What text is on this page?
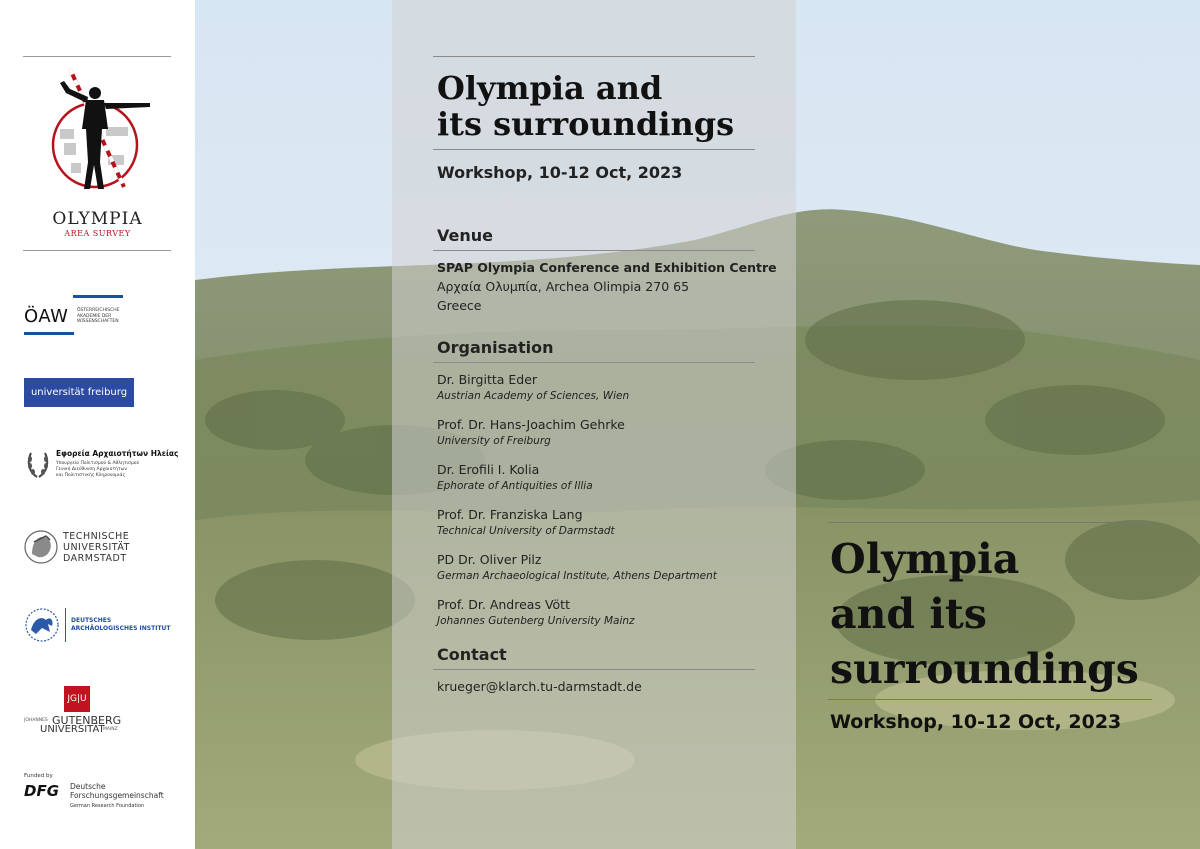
OLYMPIA
AREA SURVEY
ÖAW ÖSTERREICHISCHE
AKADEMIE DER
WISSENSCHAFTEN
universität freiburg
Εφορεία Αρχαιοτήτων Ηλείας
Υπουργείο Πολιτισμού & Αθλητισμού
Γενική Διεύθυνση Αρχαιοτήτων
και Πολιτιστικής Κληρονομιάς
TECHNISCHE
UNIVERSITÄT
DARMSTADT
DEUTSCHES
ARCHÄOLOGISCHES INSTITUT
JG|U
JOHANNES GUTENBERG
UNIVERSITÄT
MAINZ
Funded by
DFG Deutsche
Forschungsgemeinschaft
German Research Foundation
Olympia and
its surroundings
Workshop, 10-12 Oct, 2023
Venue
SPAP Olympia Conference and Exhibition Centre
Αρχαία Ολυμπία, Archea Olimpia 270 65
Greece
Organisation
Dr. Birgitta Eder
Austrian Academy of Sciences, Wien
Prof. Dr. Hans-Joachim Gehrke
University of Freiburg
Dr. Erofili I. Kolia
Ephorate of Antiquities of Illia
Prof. Dr. Franziska Lang
Technical University of Darmstadt
PD Dr. Oliver Pilz
German Archaeological Institute, Athens Department
Prof. Dr. Andreas Vött
Johannes Gutenberg University Mainz
Contact
krueger@klarch.tu-darmstadt.de
Olympia
and its
surroundings
Workshop, 10-12 Oct, 2023
